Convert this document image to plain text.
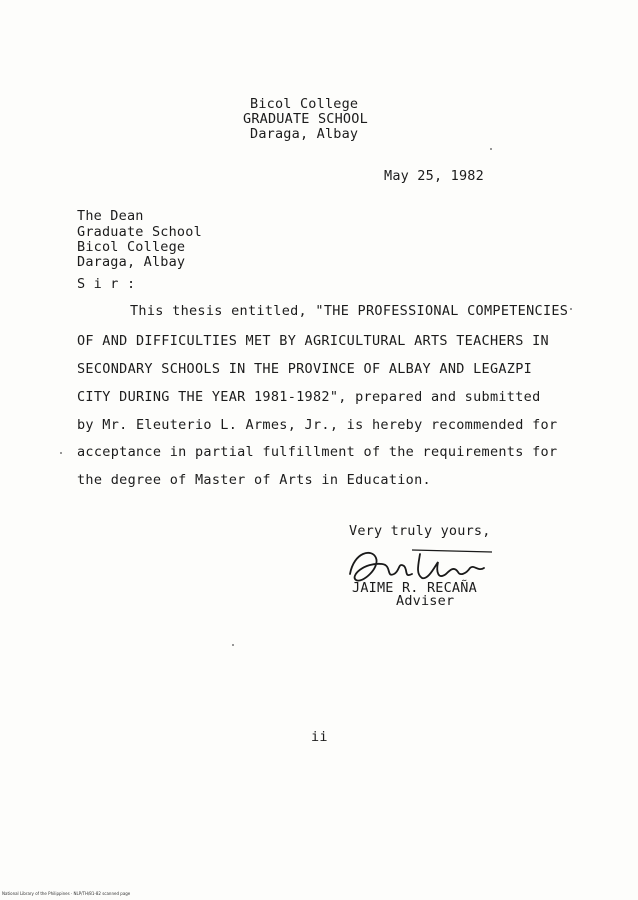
Bicol College
GRADUATE SCHOOL
Daraga, Albay
May 25, 1982
The Dean
Graduate School
Bicol College
Daraga, Albay
S i r :
This thesis entitled, "THE PROFESSIONAL COMPETENCIES
OF AND DIFFICULTIES MET BY AGRICULTURAL ARTS TEACHERS IN
SECONDARY SCHOOLS IN THE PROVINCE OF ALBAY AND LEGAZPI
CITY DURING THE YEAR 1981-1982", prepared and submitted
by Mr. Eleuterio L. Armes, Jr., is hereby recommended for
acceptance in partial fulfillment of the requirements for
the degree of Master of Arts in Education.
Very truly yours,
JAIME R. RECAÑA
Adviser
ii
National Library of the Philippines · NLP/TH/81-82 scanned page
